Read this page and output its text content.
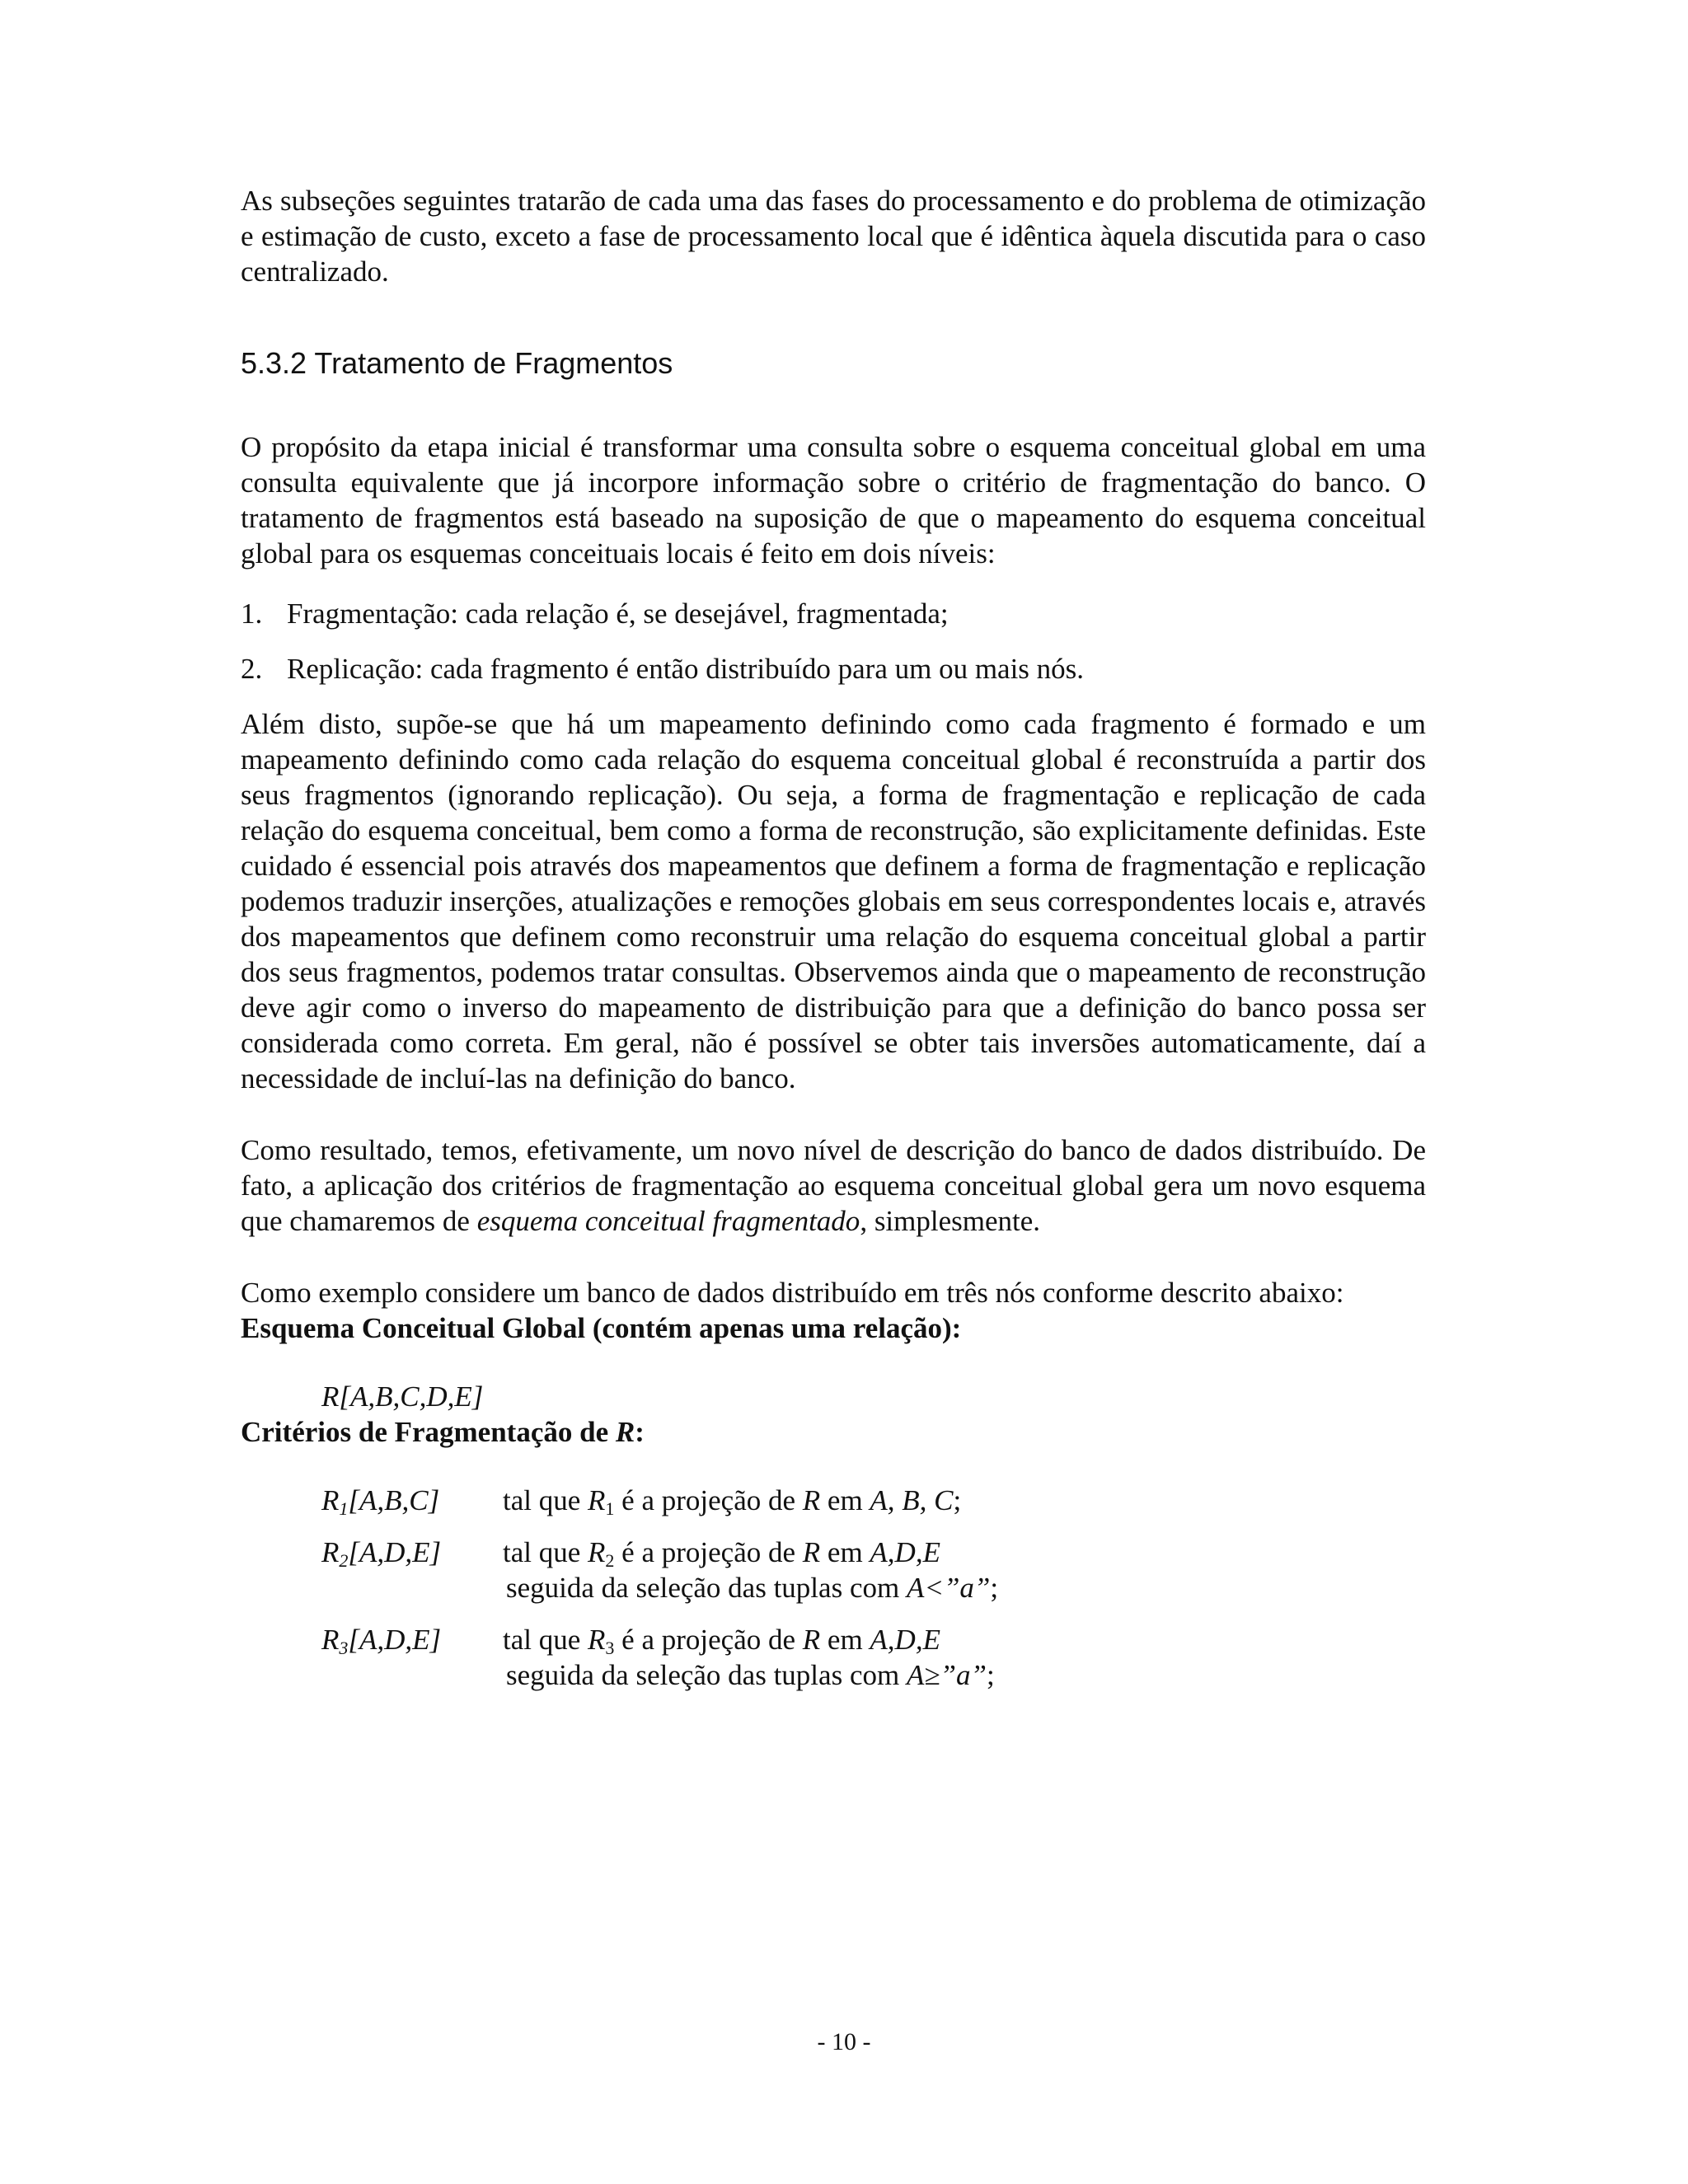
As subseções seguintes tratarão de cada uma das fases do processamento e do problema de otimização e estimação de custo, exceto a fase de processamento local que é idêntica àquela discutida para o caso centralizado.

5.3.2 Tratamento de Fragmentos

O propósito da etapa inicial é transformar uma consulta sobre o esquema conceitual global em uma consulta equivalente que já incorpore informação sobre o critério de fragmentação do banco. O tratamento de fragmentos está baseado na suposição de que o mapeamento do esquema conceitual global para os esquemas conceituais locais é feito em dois níveis:

1. Fragmentação: cada relação é, se desejável, fragmentada;
2. Replicação: cada fragmento é então distribuído para um ou mais nós.

Além disto, supõe-se que há um mapeamento definindo como cada fragmento é formado e um mapeamento definindo como cada relação do esquema conceitual global é reconstruída a partir dos seus fragmentos (ignorando replicação). Ou seja, a forma de fragmentação e replicação de cada relação do esquema conceitual, bem como a forma de reconstrução, são explicitamente definidas. Este cuidado é essencial pois através dos mapeamentos que definem a forma de fragmentação e replicação podemos traduzir inserções, atualizações e remoções globais em seus correspondentes locais e, através dos mapeamentos que definem como reconstruir uma relação do esquema conceitual global a partir dos seus fragmentos, podemos tratar consultas. Observemos ainda que o mapeamento de reconstrução deve agir como o inverso do mapeamento de distribuição para que a definição do banco possa ser considerada como correta. Em geral, não é possível se obter tais inversões automaticamente, daí a necessidade de incluí-las na definição do banco.

Como resultado, temos, efetivamente, um novo nível de descrição do banco de dados distribuído. De fato, a aplicação dos critérios de fragmentação ao esquema conceitual global gera um novo esquema que chamaremos de esquema conceitual fragmentado, simplesmente.

Como exemplo considere um banco de dados distribuído em três nós conforme descrito abaixo:

Esquema Conceitual Global (contém apenas uma relação):
R[A,B,C,D,E]
Critérios de Fragmentação de R:
$R_1[A,B,C]$	tal que $R_1$ é a projeção de R em A, B, C;
$R_2[A,D,E]$	tal que $R_2$ é a projeção de R em A,D,E
seguida da seleção das tuplas com A<”a”;
$R_3[A,D,E]$	tal que $R_3$ é a projeção de R em A,D,E
seguida da seleção das tuplas com A≥”a”;
- 10 -
